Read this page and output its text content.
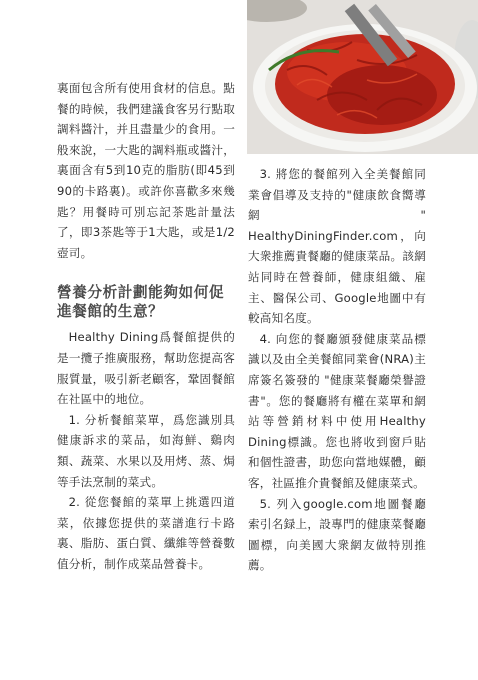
裏面包含所有使用食材的信息。點餐的時候，我們建議食客另行點取調料醬汁，并且盡量少的食用。一般來說，一大匙的調料瓶或醬汁，裏面含有5到10克的脂肪(即45到90的卡路裏)。或許你喜歡多來幾匙？用餐時可別忘記茶匙計量法了，即3茶匙等于1大匙，或是1/2壺司。

營養分析計劃能夠如何促進餐館的生意？

Healthy Dining爲餐館提供的是一攬子推廣服務，幫助您提高客服質量，吸引新老顧客，鞏固餐館在社區中的地位。

1. 分析餐館菜單，爲您識別具健康訴求的菜品，如海鮮、鷄肉類、蔬菜、水果以及用烤、蒸、焗等手法烹制的菜式。

2. 從您餐館的菜單上挑選四道菜，依據您提供的菜譜進行卡路裏、脂肪、蛋白質、纖維等營養數值分析，制作成菜品營養卡。

3. 將您的餐館列入全美餐館同業會倡導及支持的"健康飲食嚮導網" HealthyDiningFinder.com，向大衆推薦貴餐廳的健康菜品。該網站同時在營養師，健康組織、雇主、醫保公司、Google地圖中有較高知名度。

4. 向您的餐廳頒發健康菜品標識以及由全美餐館同業會(NRA)主席簽名簽發的 "健康菜餐廳榮譽證書"。您的餐廳將有權在菜單和網站等營銷材料中使用Healthy Dining標識。您也將收到窗戶貼和個性證書，助您向當地媒體，顧客，社區推介貴餐館及健康菜式。

5. 列入google.com地圖餐廳索引名録上，設專門的健康菜餐廳圖標，向美國大衆網友做特別推薦。
